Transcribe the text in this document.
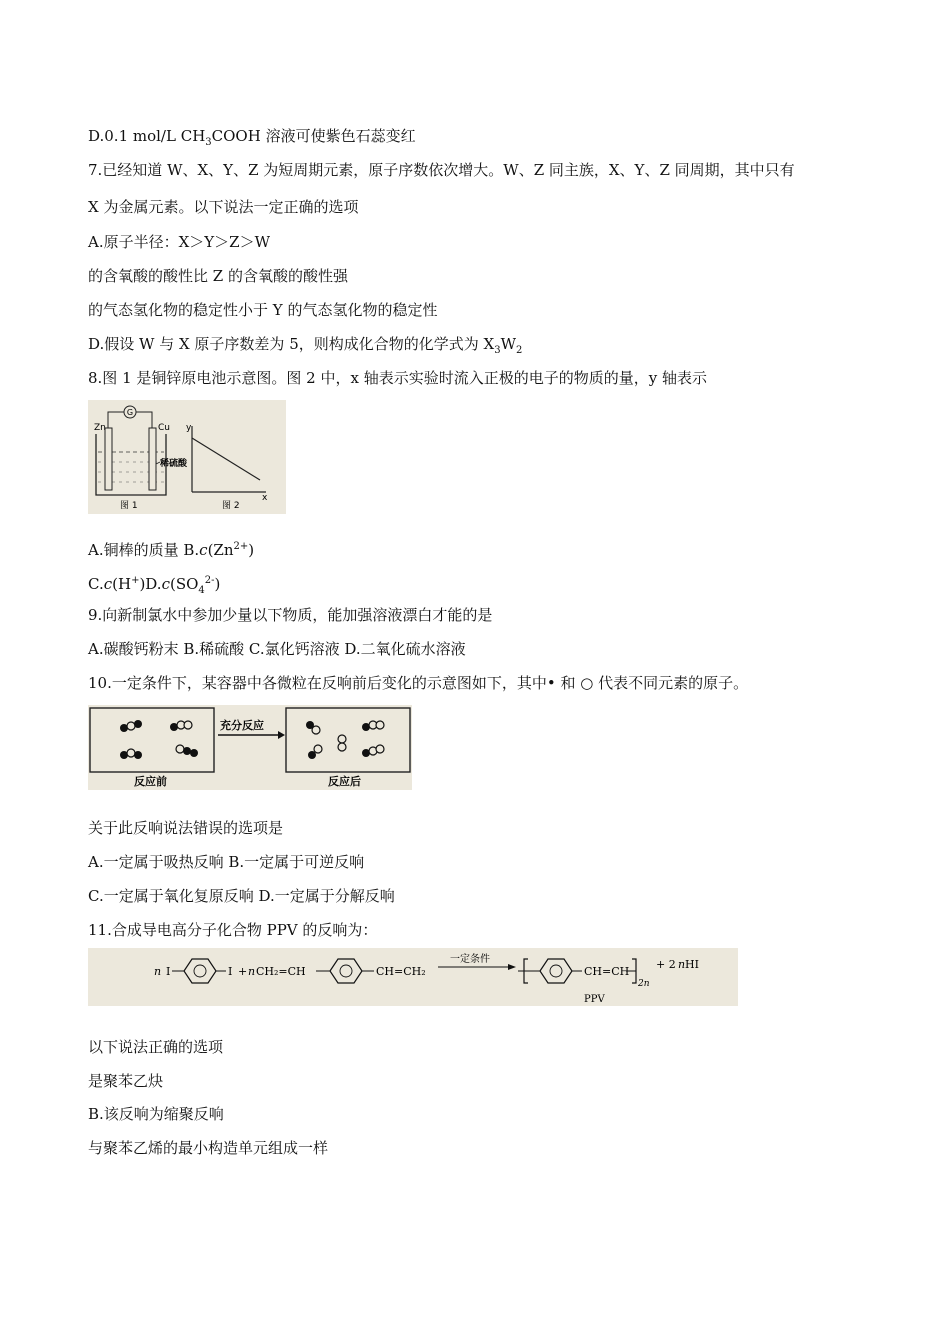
D.0.1 mol/L $CH_3COOH$ 溶液可使紫色石蕊变红
7.已经知道 W、X、Y、Z 为短周期元素，原子序数依次增大。W、Z 同主族，X、Y、Z 同周期，其中只有
X 为金属元素。以下说法一定正确的选项
A.原子半径：X＞Y＞Z＞W
的含氧酸的酸性比 Z 的含氧酸的酸性强
的气态氢化物的稳定性小于 Y 的气态氢化物的稳定性
D.假设 W 与 X 原子序数差为 5，则构成化合物的化学式为 $X_3W_2$
8.图 1 是铜锌原电池示意图。图 2 中，x 轴表示实验时流入正极的电子的物质的量，y 轴表示
G
Zn	Cu
稀硫酸
图 1
y
x
图 2
A.铜棒的质量 $B.c(Zn^{2+})$
$C.c(H^+)D.c(SO_4^{2-})$
9.向新制氯水中参加少量以下物质，能加强溶液漂白才能的是
A.碳酸钙粉末 B.稀硫酸 C.氯化钙溶液 D.二氧化硫水溶液
10.一定条件下，某容器中各微粒在反响前后变化的示意图如下，其中• 和 ○ 代表不同元素的原子。
充分反应
反应前	反应后
关于此反响说法错误的选项是
A.一定属于吸热反响 B.一定属于可逆反响
C.一定属于氧化复原反响 D.一定属于分解反响
11.合成导电高分子化合物 PPV 的反响为：
n I	I + n CH₂=CH	CH=CH₂
一定条件
CH=CH
2n
+ 2 n HI
PPV
以下说法正确的选项
是聚苯乙炔
B.该反响为缩聚反响
与聚苯乙烯的最小构造单元组成一样
